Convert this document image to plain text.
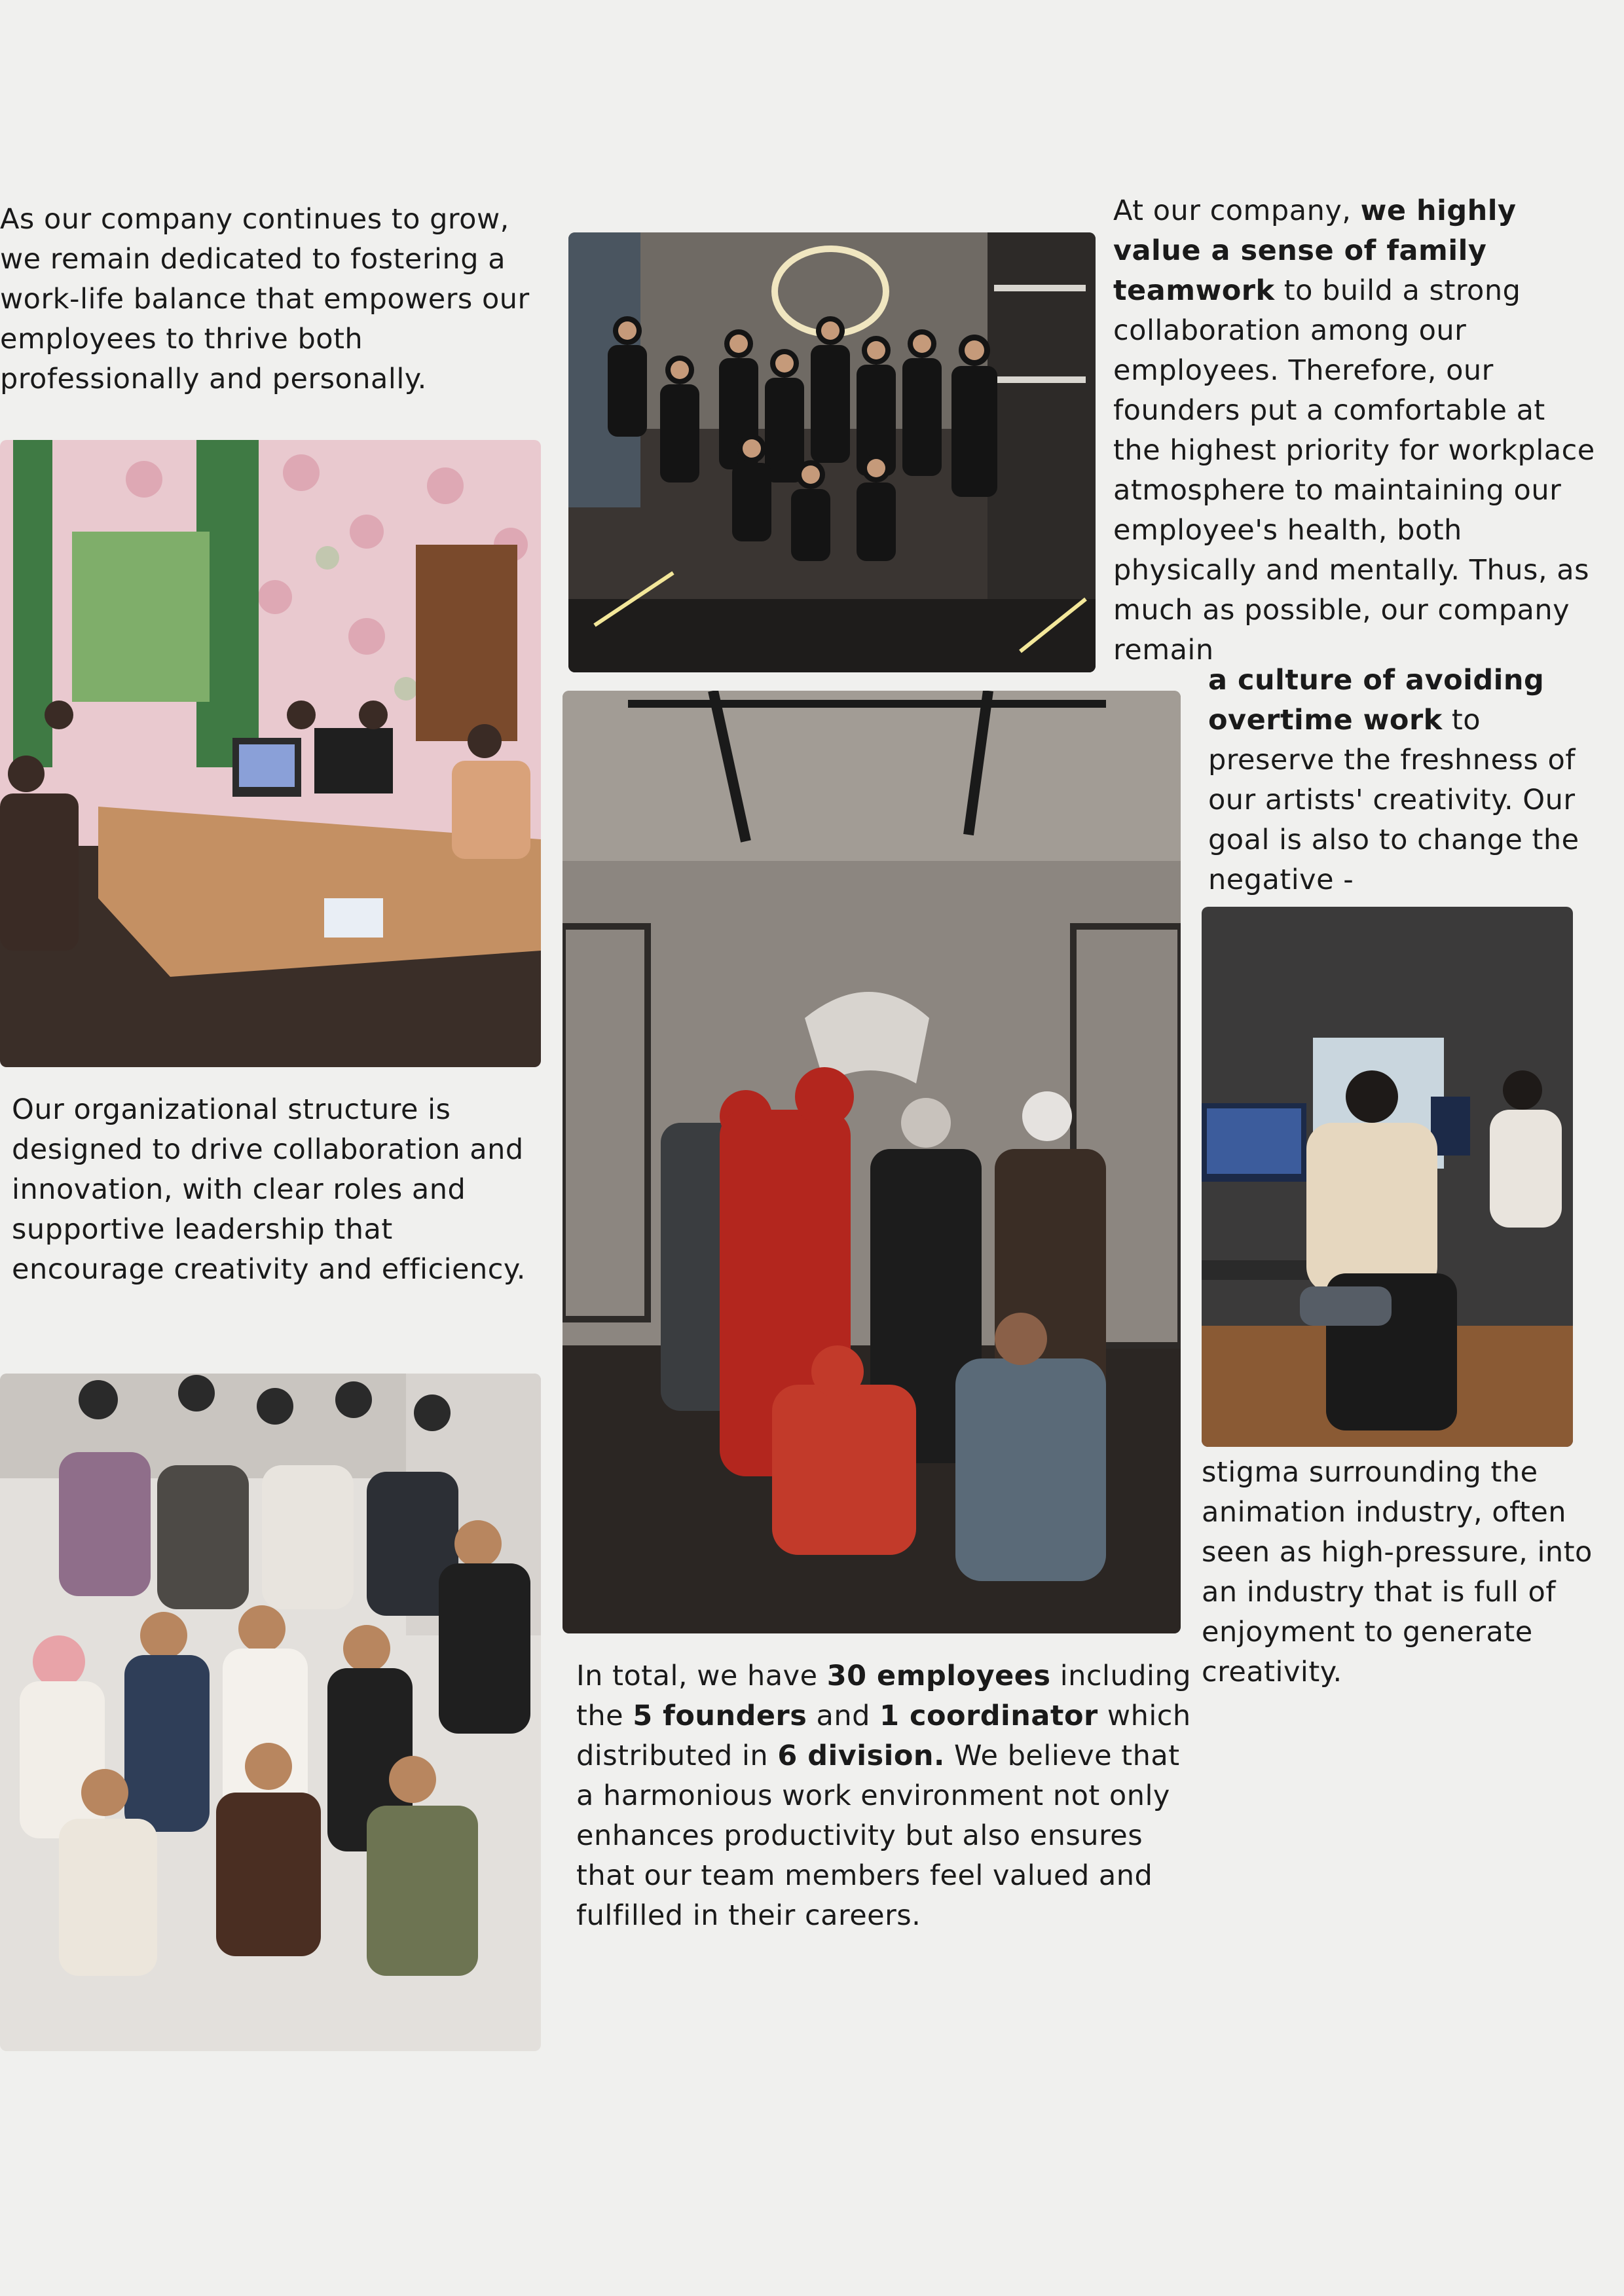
As our company continues to grow, we remain dedicated to fostering a work-life balance that empowers our employees to thrive both professionally and personally.
At our company, we highly value a sense of family teamwork to build a strong collaboration among our employees. Therefore, our founders put a comfortable at the highest priority for workplace atmosphere to maintaining our employee's health, both physically and mentally. Thus, as much as possible, our company remain
a culture of avoiding overtime work to preserve the freshness of our artists' creativity. Our goal is also to change the negative -
stigma surrounding the animation industry, often seen as high-pressure, into an industry that is full of enjoyment to generate creativity.
Our organizational structure is designed to drive collaboration and innovation, with clear roles and supportive leadership that encourage creativity and efficiency.
In total, we have 30 employees including the 5 founders and 1 coordinator which distributed in 6 division. We believe that a harmonious work environment not only enhances productivity but also ensures that our team members feel valued and fulfilled in their careers.
